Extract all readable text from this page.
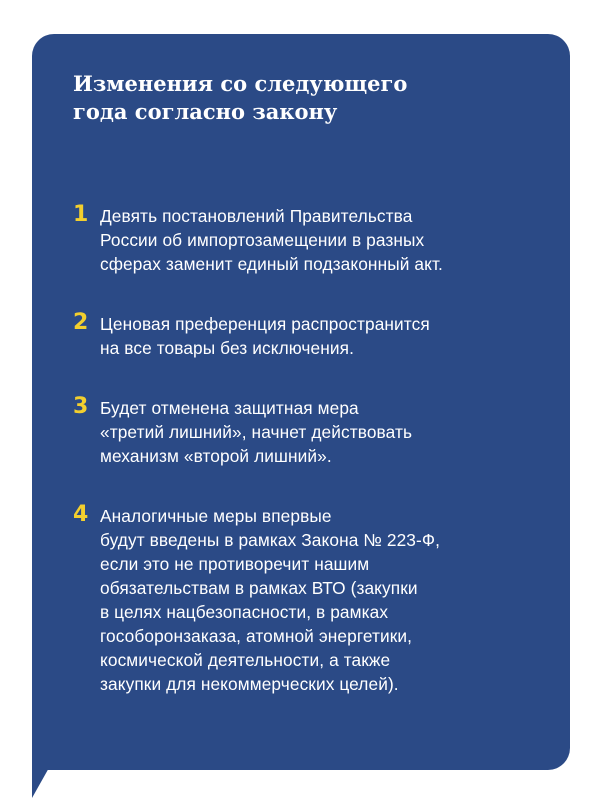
Изменения со следующего
года согласно закону
1 Девять постановлений Правительства
России об импортозамещении в разных
сферах заменит единый подзаконный акт.
2 Ценовая преференция распространится
на все товары без исключения.
3 Будет отменена защитная мера
«третий лишний», начнет действовать
механизм «второй лишний».
4 Аналогичные меры впервые
будут введены в рамках Закона № 223-Ф,
если это не противоречит нашим
обязательствам в рамках ВТО (закупки
в целях нацбезопасности, в рамках
гособоронзаказа, атомной энергетики,
космической деятельности, а также
закупки для некоммерческих целей).
